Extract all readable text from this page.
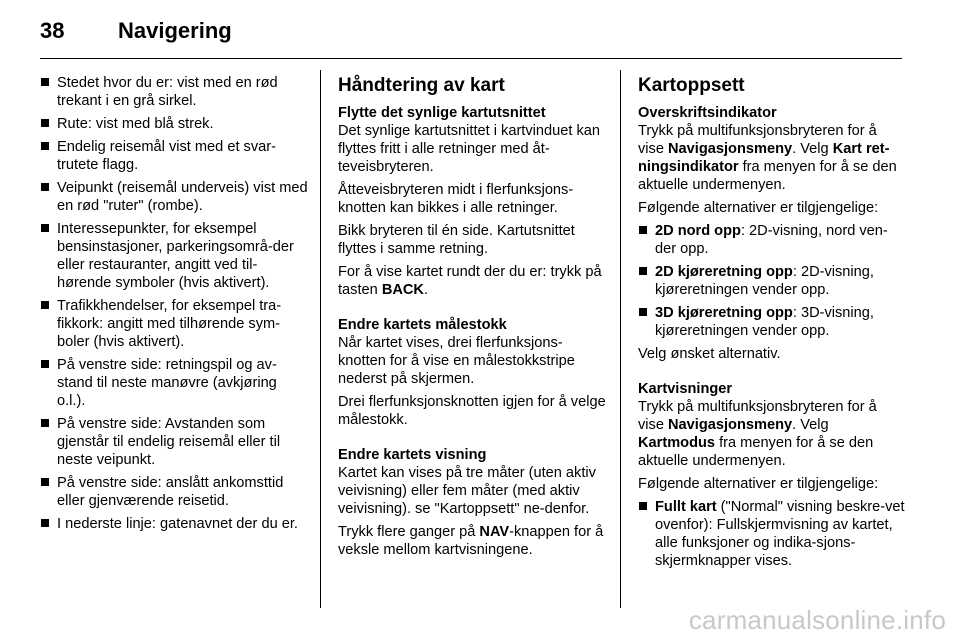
38	Navigering
Stedet hvor du er: vist med en rød trekant i en grå sirkel.
Rute: vist med blå strek.
Endelig reisemål vist med et svar-trutete flagg.
Veipunkt (reisemål underveis) vist med en rød "ruter" (rombe).
Interessepunkter, for eksempel bensinstasjoner, parkeringsområ-der eller restauranter, angitt ved til-hørende symboler (hvis aktivert).
Trafikkhendelser, for eksempel tra-fikkork: angitt med tilhørende sym-boler (hvis aktivert).
På venstre side: retningspil og av-stand til neste manøvre (avkjøring o.l.).
På venstre side: Avstanden som gjenstår til endelig reisemål eller til neste veipunkt.
På venstre side: anslått ankomsttid eller gjenværende reisetid.
I nederste linje: gatenavnet der du er.
Håndtering av kart
Flytte det synlige kartutsnittet

Det synlige kartutsnittet i kartvinduet kan flyttes fritt i alle retninger med åt-teveisbryteren.

Åtteveisbryteren midt i flerfunksjons-knotten kan bikkes i alle retninger.

Bikk bryteren til én side. Kartutsnittet flyttes i samme retning.

For å vise kartet rundt der du er: trykk på tasten BACK.

Endre kartets målestokk

Når kartet vises, drei flerfunksjons-knotten for å vise en målestokkstripe nederst på skjermen.

Drei flerfunksjonsknotten igjen for å velge målestokk.

Endre kartets visning

Kartet kan vises på tre måter (uten aktiv veivisning) eller fem måter (med aktiv veivisning). se "Kartoppsett" ne-denfor.

Trykk flere ganger på NAV-knappen for å veksle mellom kartvisningene.

Kartoppsett
Overskriftsindikator

Trykk på multifunksjonsbryteren for å vise Navigasjonsmeny. Velg Kart ret-ningsindikator fra menyen for å se den aktuelle undermenyen.

Følgende alternativer er tilgjengelige:

2D nord opp: 2D-visning, nord ven-der opp.
2D kjøreretning opp: 2D-visning, kjøreretningen vender opp.
3D kjøreretning opp: 3D-visning, kjøreretningen vender opp.

Velg ønsket alternativ.

Kartvisninger

Trykk på multifunksjonsbryteren for å vise Navigasjonsmeny. Velg Kartmodus fra menyen for å se den aktuelle undermenyen.

Følgende alternativer er tilgjengelige:

Fullt kart ("Normal" visning beskre-vet ovenfor): Fullskjermvisning av kartet, alle funksjoner og indika-sjons-skjermknapper vises.
carmanualsonline.info
